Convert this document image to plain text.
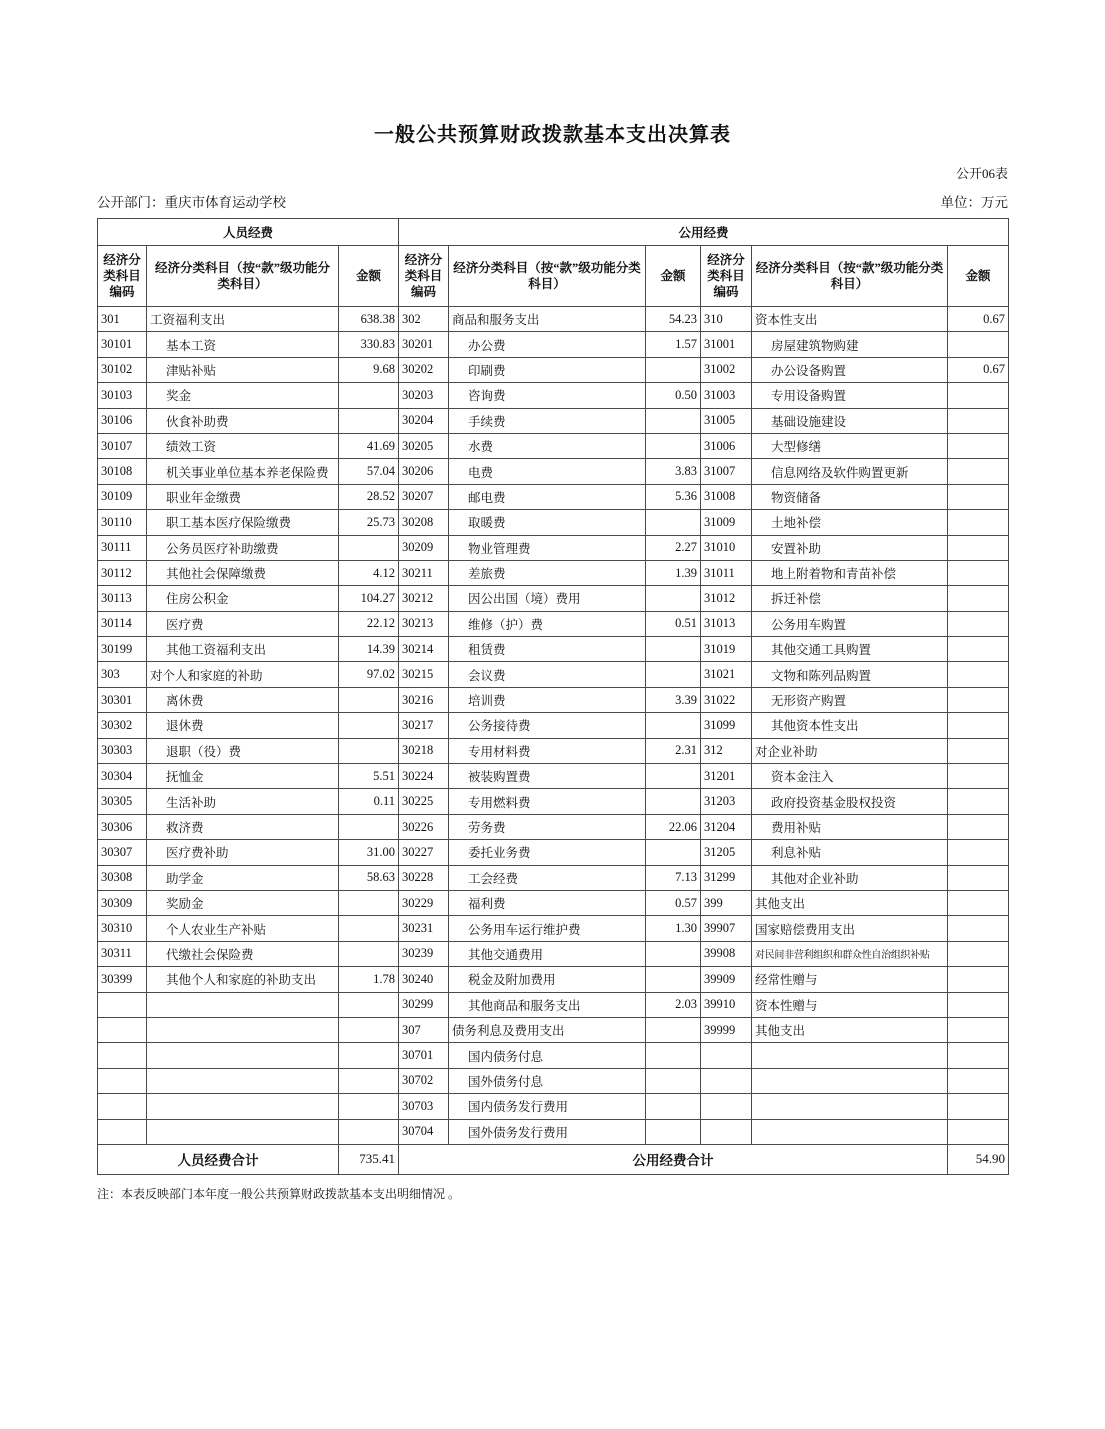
一般公共预算财政拨款基本支出决算表
公开06表
公开部门：重庆市体育运动学校	单位：万元
人员经费			公用经费					
经济分类科目编码	经济分类科目（按“款”级功能分类科目）	金额	经济分类科目编码	经济分类科目（按“款”级功能分类科目）	金额	经济分类科目编码	经济分类科目（按“款”级功能分类科目）	金额
301	工资福利支出	638.38	302	商品和服务支出	54.23	310	资本性支出	0.67
30101	基本工资	330.83	30201	办公费	1.57	31001	房屋建筑物购建	
30102	津贴补贴	9.68	30202	印刷费		31002	办公设备购置	0.67
30103	奖金		30203	咨询费	0.50	31003	专用设备购置	
30106	伙食补助费		30204	手续费		31005	基础设施建设	
30107	绩效工资	41.69	30205	水费		31006	大型修缮	
30108	机关事业单位基本养老保险费	57.04	30206	电费	3.83	31007	信息网络及软件购置更新	
30109	职业年金缴费	28.52	30207	邮电费	5.36	31008	物资储备	
30110	职工基本医疗保险缴费	25.73	30208	取暖费		31009	土地补偿	
30111	公务员医疗补助缴费		30209	物业管理费	2.27	31010	安置补助	
30112	其他社会保障缴费	4.12	30211	差旅费	1.39	31011	地上附着物和青苗补偿	
30113	住房公积金	104.27	30212	因公出国（境）费用		31012	拆迁补偿	
30114	医疗费	22.12	30213	维修（护）费	0.51	31013	公务用车购置	
30199	其他工资福利支出	14.39	30214	租赁费		31019	其他交通工具购置	
303	对个人和家庭的补助	97.02	30215	会议费		31021	文物和陈列品购置	
30301	离休费		30216	培训费	3.39	31022	无形资产购置	
30302	退休费		30217	公务接待费		31099	其他资本性支出	
30303	退职（役）费		30218	专用材料费	2.31	312	对企业补助	
30304	抚恤金	5.51	30224	被装购置费		31201	资本金注入	
30305	生活补助	0.11	30225	专用燃料费		31203	政府投资基金股权投资	
30306	救济费		30226	劳务费	22.06	31204	费用补贴	
30307	医疗费补助	31.00	30227	委托业务费		31205	利息补贴	
30308	助学金	58.63	30228	工会经费	7.13	31299	其他对企业补助	
30309	奖励金		30229	福利费	0.57	399	其他支出	
30310	个人农业生产补贴		30231	公务用车运行维护费	1.30	39907	国家赔偿费用支出	
30311	代缴社会保险费		30239	其他交通费用		39908	对民间非营利组织和群众性自治组织补贴	
30399	其他个人和家庭的补助支出	1.78	30240	税金及附加费用		39909	经常性赠与	
			30299	其他商品和服务支出	2.03	39910	资本性赠与	
			307	债务利息及费用支出		39999	其他支出	
			30701	国内债务付息				
			30702	国外债务付息				
			30703	国内债务发行费用				
			30704	国外债务发行费用				
人员经费合计		735.41	公用经费合计					54.90
注：本表反映部门本年度一般公共预算财政拨款基本支出明细情况 。
